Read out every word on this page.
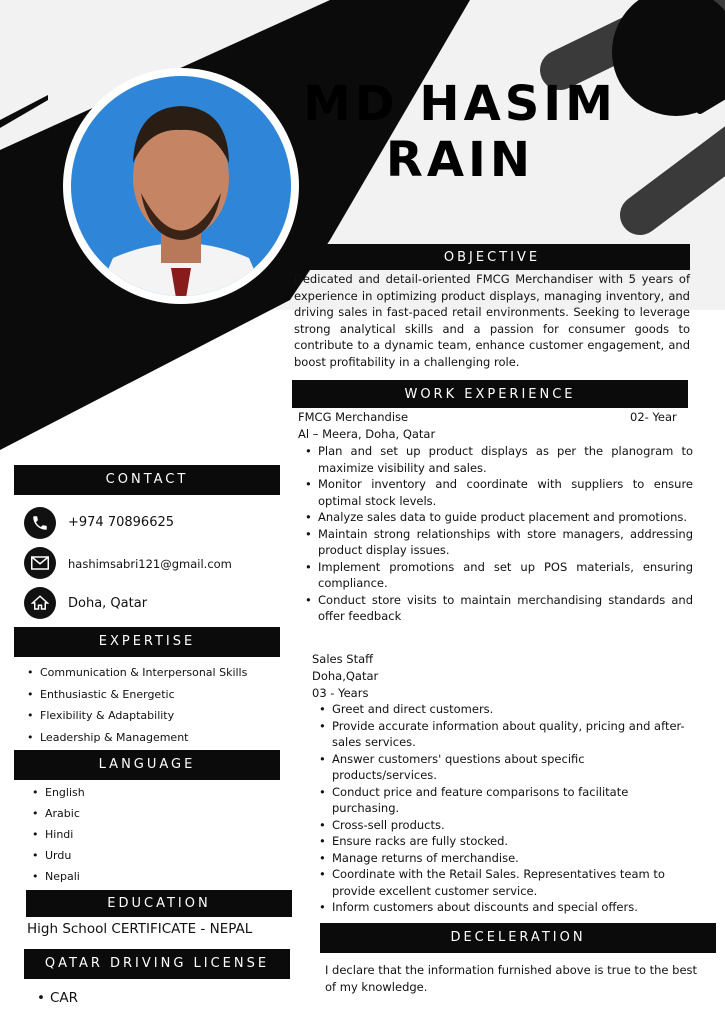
MD HASIM
RAIN
OBJECTIVE
Dedicated and detail-oriented FMCG Merchandiser with 5 years of experience in optimizing product displays, managing inventory, and driving sales in fast-paced retail environments. Seeking to leverage strong analytical skills and a passion for consumer goods to contribute to a dynamic team, enhance customer engagement, and boost profitability in a challenging role.
WORK EXPERIENCE
FMCG Merchandise	02- Year
Al – Meera, Doha, Qatar
• Plan and set up product displays as per the planogram to maximize visibility and sales.
• Monitor inventory and coordinate with suppliers to ensure optimal stock levels.
• Analyze sales data to guide product placement and promotions.
• Maintain strong relationships with store managers, addressing product display issues.
• Implement promotions and set up POS materials, ensuring compliance.
• Conduct store visits to maintain merchandising standards and offer feedback
Sales Staff
Doha,Qatar
03 - Years
• Greet and direct customers.
• Provide accurate information about quality, pricing and after-sales services.
• Answer customers' questions about specific products/services.
• Conduct price and feature comparisons to facilitate purchasing.
• Cross-sell products.
• Ensure racks are fully stocked.
• Manage returns of merchandise.
• Coordinate with the Retail Sales. Representatives team to provide excellent customer service.
• Inform customers about discounts and special offers.
DECELERATION
I declare that the information furnished above is true to the best of my knowledge.
CONTACT
+974 70896625
hashimsabri121@gmail.com
Doha, Qatar
EXPERTISE
• Communication & Interpersonal Skills
• Enthusiastic & Energetic
• Flexibility & Adaptability
• Leadership & Management
LANGUAGE
• English
• Arabic
• Hindi
• Urdu
• Nepali
EDUCATION
High School CERTIFICATE - NEPAL
QATAR DRIVING LICENSE
• CAR
